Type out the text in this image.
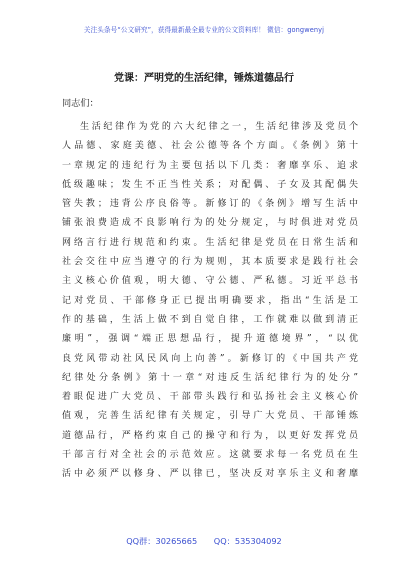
关注头条号“公文研究”，获得最新最全最专业的公文资料库！ 微信：gongwenyj
党课：严明党的生活纪律，锤炼道德品行
同志们：
生活纪律作为党的六大纪律之一，生活纪律涉及党员个
人品德、家庭美德、社会公德等各个方面。《条例》第十
一章规定的违纪行为主要包括以下几类：奢靡享乐、追求
低级趣味；发生不正当性关系；对配偶、子女及其配偶失
管失教；违背公序良俗等。新修订的《条例》增写生活中
铺张浪费造成不良影响行为的处分规定，与时俱进对党员
网络言行进行规范和约束。生活纪律是党员在日常生活和
社会交往中应当遵守的行为规则，其本质要求是践行社会
主义核心价值观，明大德、守公德、严私德。习近平总书
记对党员、干部修身正已提出明确要求，指出“生活是工
作的基础，生活上做不到自觉自律，工作就难以做到清正
廉明”，强调“端正思想品行，提升道德境界”，“以优
良党风带动社风民风向上向善”。新修订的《中国共产党
纪律处分条例》第十一章“对违反生活纪律行为的处分”
着眼促进广大党员、干部带头践行和弘扬社会主义核心价
值观，完善生活纪律有关规定，引导广大党员、干部锤炼
道德品行，严格约束自己的操守和行为，以更好发挥党员
干部言行对全社会的示范效应。这就要求每一名党员在生
活中必须严以修身、严以律已，坚决反对享乐主义和奢靡
QQ群：30265665 QQ：535304092
